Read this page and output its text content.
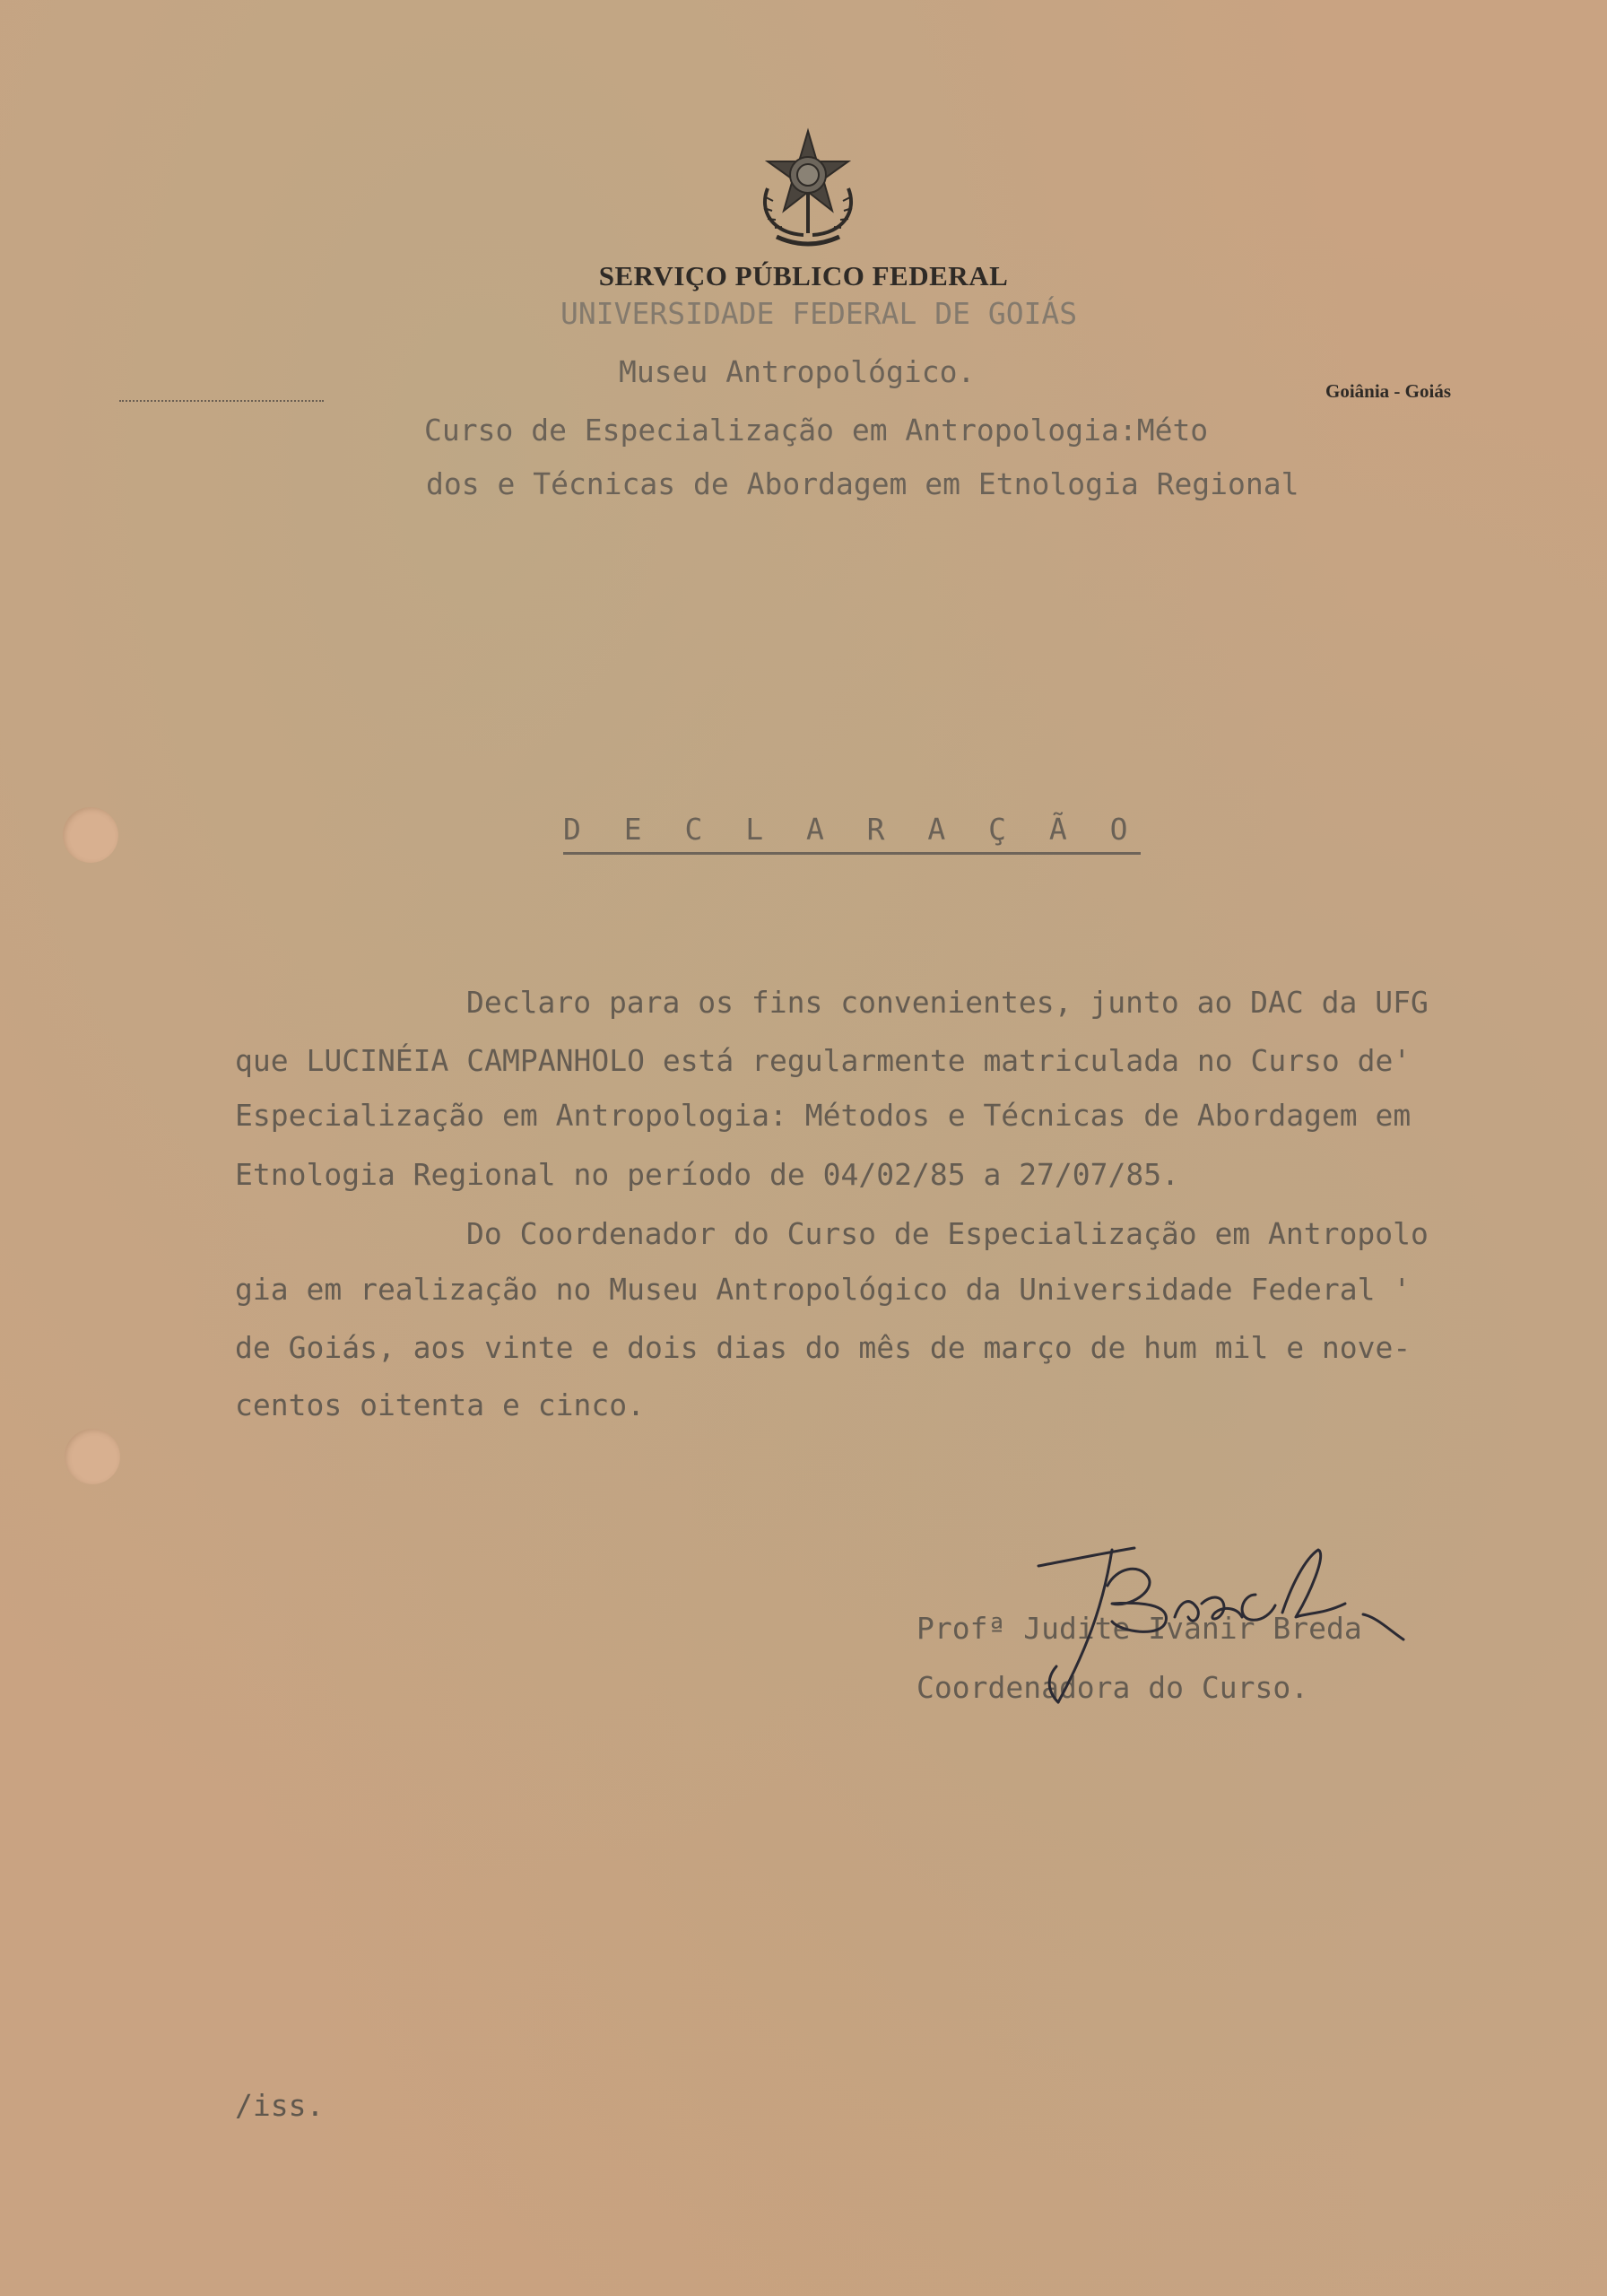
SERVIÇO PÚBLICO FEDERAL
UNIVERSIDADE FEDERAL DE GOIÁS
Museu Antropológico.
Goiânia - Goiás
Curso de Especialização em Antropologia:Méto
dos e Técnicas de Abordagem em Etnologia Regional
D E C L A R A Ç Ã O
Declaro para os fins convenientes, junto ao DAC da UFG
que LUCINÉIA CAMPANHOLO está regularmente matriculada no Curso de'
Especialização em Antropologia: Métodos e Técnicas de Abordagem em
Etnologia Regional no período de 04/02/85 a 27/07/85.
Do Coordenador do Curso de Especialização em Antropolo
gia em realização no Museu Antropológico da Universidade Federal '
de Goiás, aos vinte e dois dias do mês de março de hum mil e nove-
centos oitenta e cinco.
Profª Judite Ivanir Breda
Coordenadora do Curso.
/iss.
